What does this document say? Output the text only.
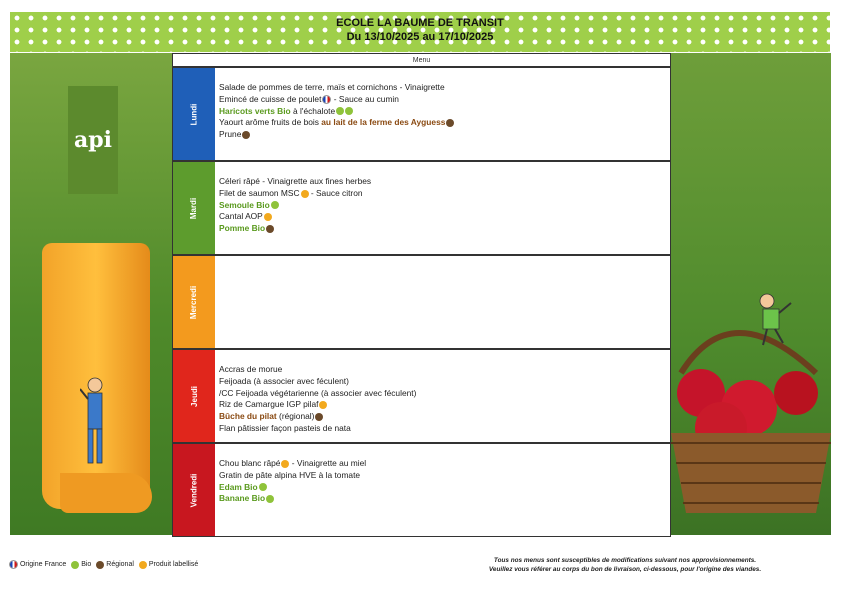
ECOLE LA BAUME DE TRANSIT
Du 13/10/2025 au 17/10/2025
api
Menu
Lundi
Salade de pommes de terre, maïs et cornichons - Vinaigrette
Emincé de cuisse de poulet - Sauce au cumin
Haricots verts Bio à l'échalote
Yaourt arôme fruits de bois au lait de la ferme des Ayguess
Prune
Mardi
Céleri râpé - Vinaigrette aux fines herbes
Filet de saumon MSC - Sauce citron
Semoule Bio
Cantal AOP
Pomme Bio
Mercredi
Jeudi
Accras de morue
Feijoada (à associer avec féculent)
/CC Feijoada végétarienne (à associer avec féculent)
Riz de Camargue IGP pilaf
Bûche du pilat (régional)
Flan pâtissier façon pasteis de nata
Vendredi
Chou blanc râpé - Vinaigrette au miel
Gratin de pâte alpina HVE à la tomate
Edam Bio
Banane Bio
Origine France Bio Régional Produit labellisé
Tous nos menus sont susceptibles de modifications suivant nos approvisionnements.
Veuillez vous référer au corps du bon de livraison, ci-dessous, pour l'origine des viandes.
